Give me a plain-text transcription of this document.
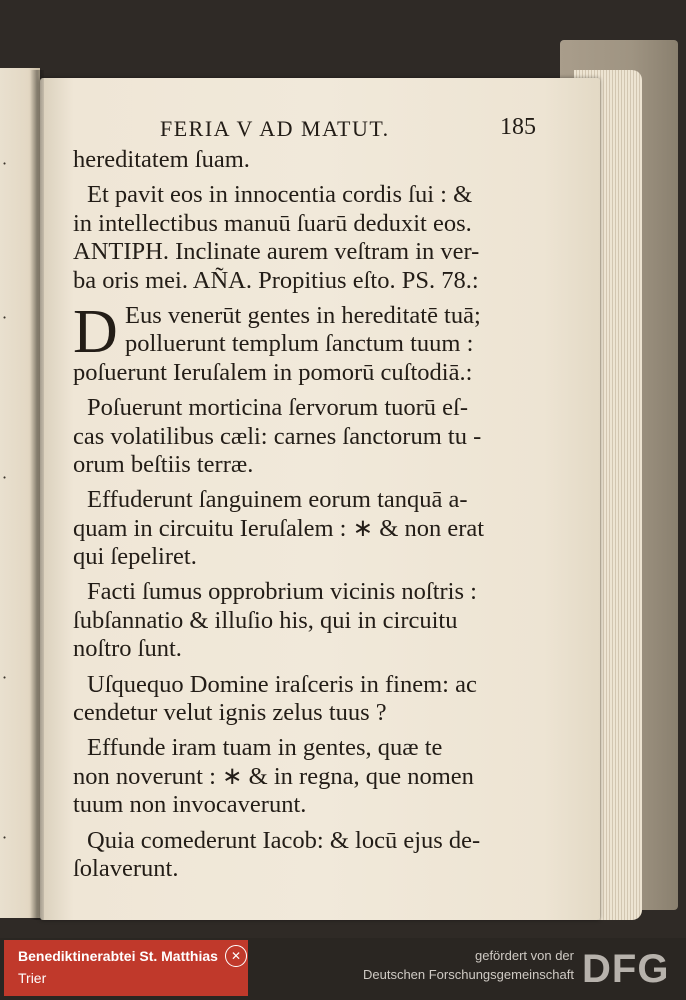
·
·
·
·
·
FERIA V AD MATUT.	185
hereditatem ſuam.
Et pavit eos in innocentia cordis ſui : &
in intellectibus manuū ſuarū deduxit eos.
ANTIPH. Inclinate aurem veſtram in ver-
ba oris mei. AÑA. Propitius eſto. PS. 78.:
D Eus venerūt gentes in hereditatē tuā;
polluerunt templum ſanctum tuum :
poſuerunt Ieruſalem in pomorū cuſtodiā.:
Poſuerunt morticina ſervorum tuorū eſ-
cas volatilibus cæli: carnes ſanctorum tu -
orum beſtiis terræ.
Effuderunt ſanguinem eorum tanquā a-
quam in circuitu Ieruſalem : ∗ & non erat
qui ſepeliret.
Facti ſumus opprobrium vicinis noſtris :
ſubſannatio & illuſio his, qui in circuitu
noſtro ſunt.
Uſquequo Domine iraſceris in finem: ac
cendetur velut ignis zelus tuus ?
Effunde iram tuam in gentes, quæ te
non noverunt : ∗ & in regna, que nomen
tuum non invocaverunt.
Quia comederunt Iacob: & locū ejus de-
ſolaverunt.
Benediktinerabtei St. Matthias
Trier
✕	gefördert von der
Deutschen Forschungsgemeinschaft DFG
